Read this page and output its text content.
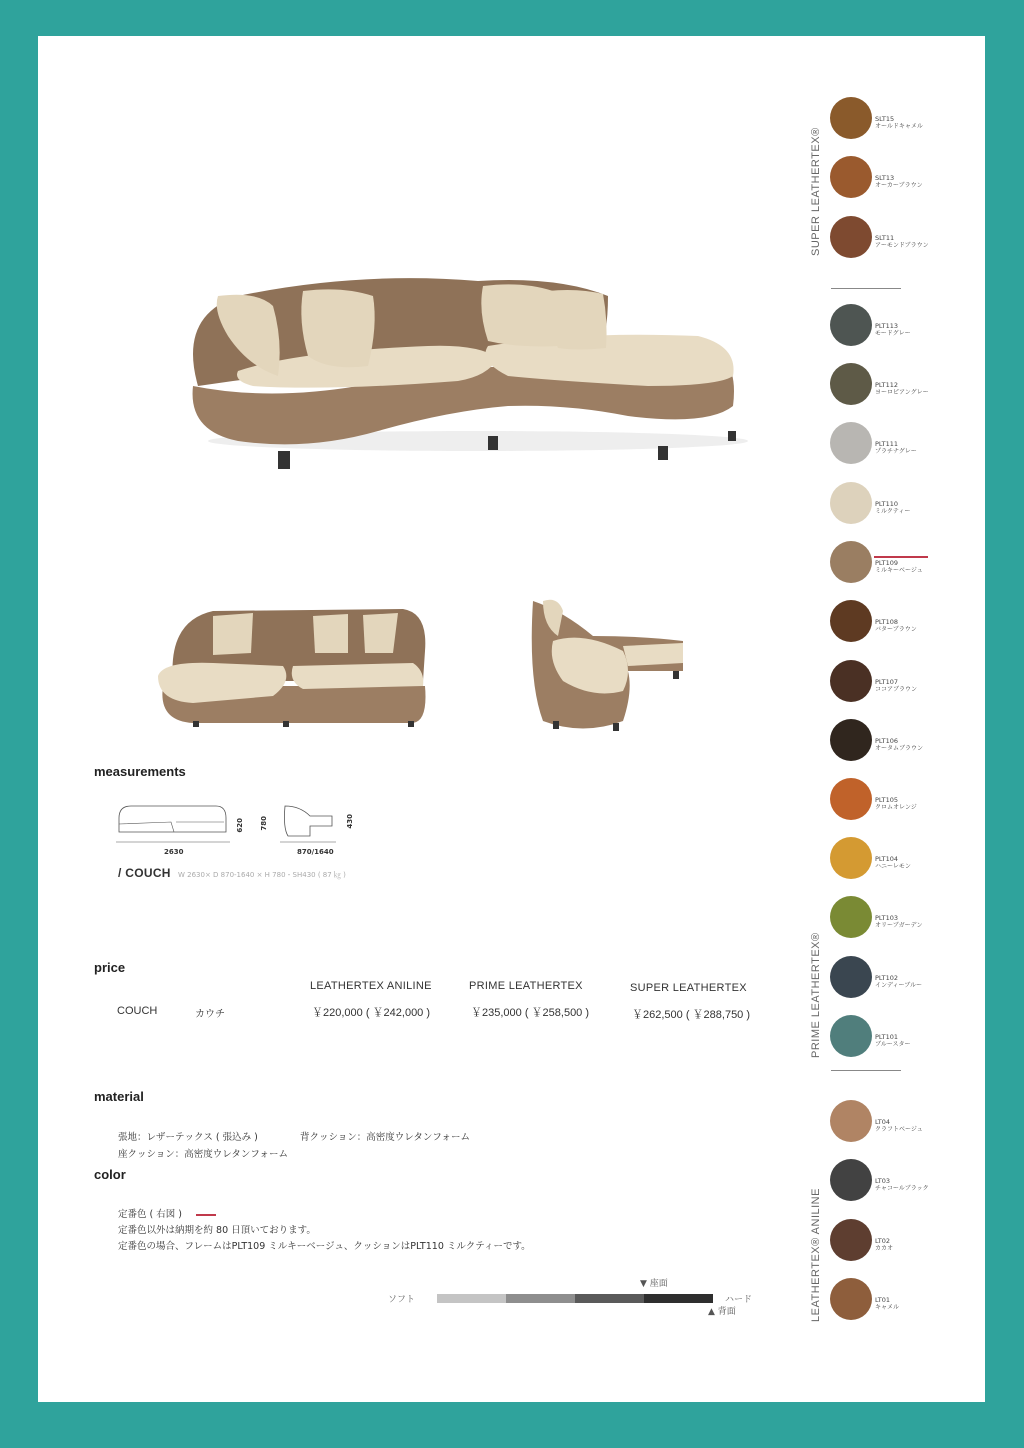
measurements
2630
620 780
870/1640
430
/ COUCH W 2630× D 870-1640 × H 780・SH430 ( 87 ㎏ )
price
LEATHERTEX ANILINE	PRIME LEATHERTEX	SUPER LEATHERTEX
COUCH	カウチ	￥220,000 ( ￥242,000 )	￥235,000 ( ￥258,500 )	￥262,500 ( ￥288,750 )
material
張地：レザーテックス ( 張込み )	背クッション：高密度ウレタンフォーム
座クッション：高密度ウレタンフォーム
color
定番色 ( 右図 )
定番色以外は納期を約 80 日頂いております。
定番色の場合、フレームはPLT109 ミルキーベージュ、クッションはPLT110 ミルクティーです。
▼ 座面
ソフト	ハード
▲ 背面
SUPER LEATHERTEX®
PRIME LEATHERTEX®
LEATHERTEX® ANILINE
SLT15
オールドキャメル
SLT13
オーカーブラウン
SLT11
アーモンドブラウン
PLT113
モードグレー
PLT112
ヨーロピアングレー
PLT111
プラチナグレー
PLT110
ミルクティー
PLT109
ミルキーベージュ
PLT108
バターブラウン
PLT107
ココアブラウン
PLT106
オータムブラウン
PLT105
クロムオレンジ
PLT104
ハニーレモン
PLT103
オリーブガーデン
PLT102
インディーブルー
PLT101
ブルースター
LT04
クラフトベージュ
LT03
チャコールブラック
LT02
カカオ
LT01
キャメル
